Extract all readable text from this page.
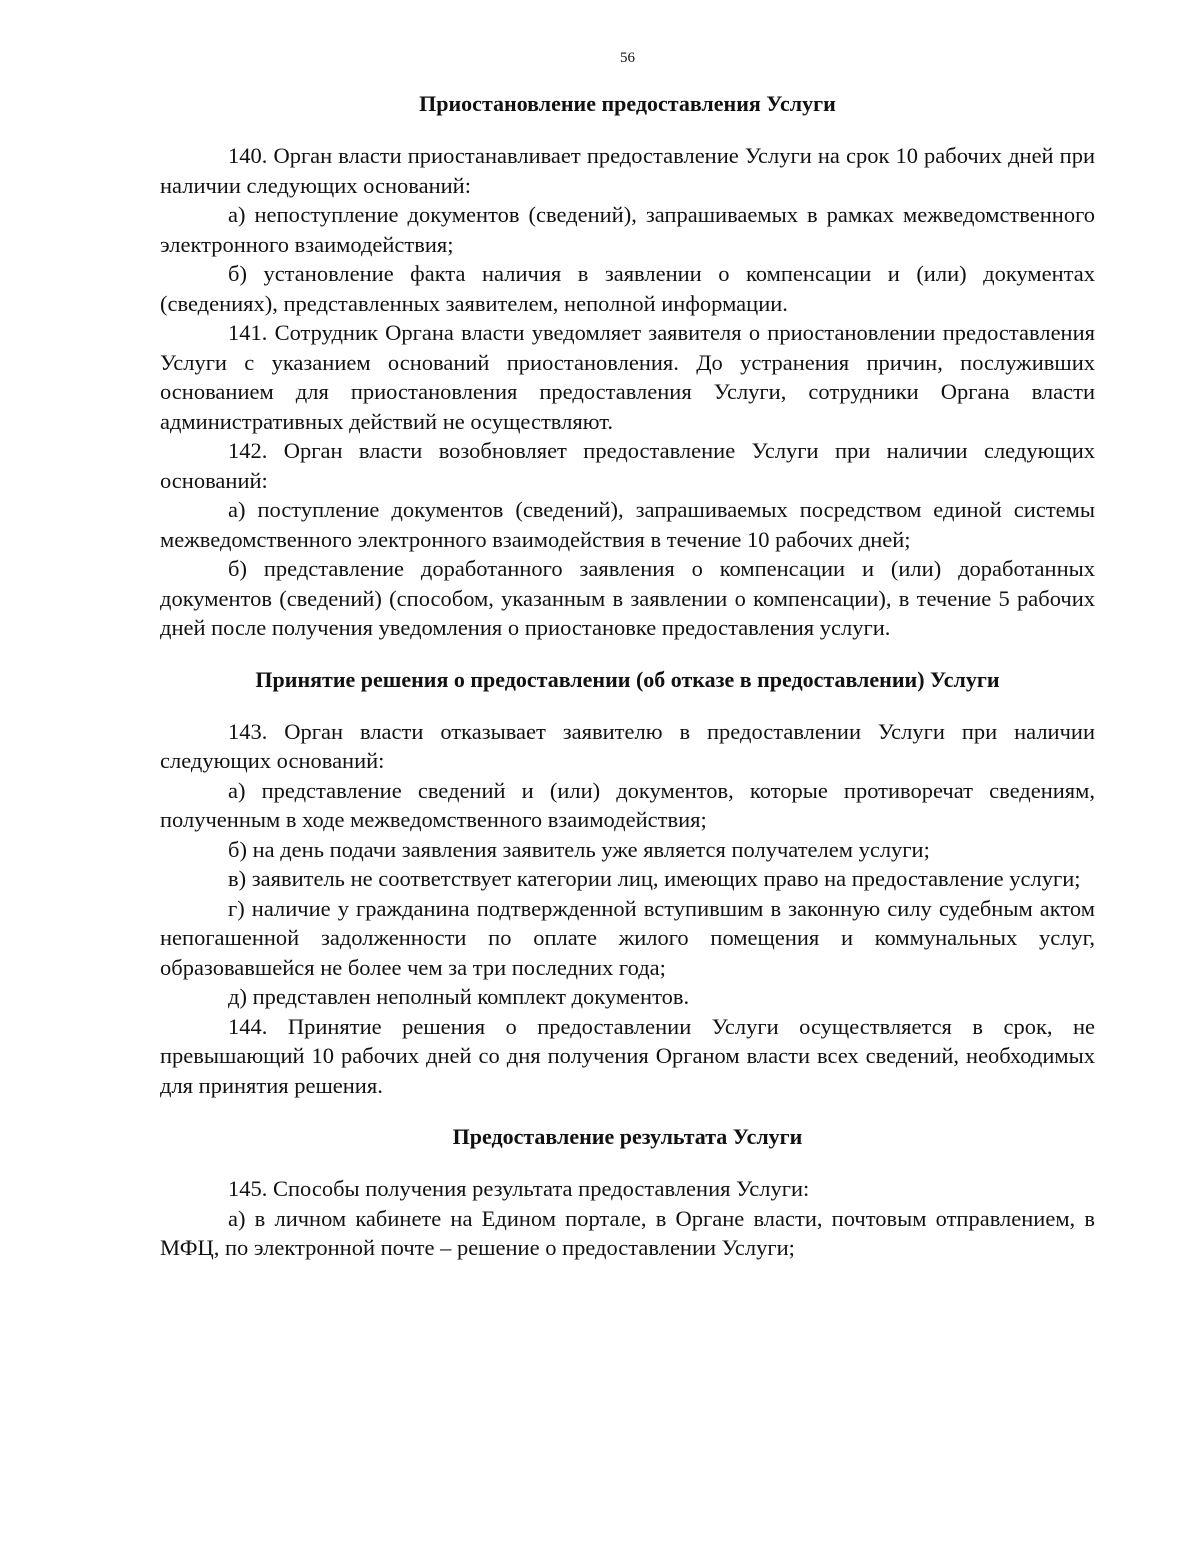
56
Приостановление предоставления Услуги

140. Орган власти приостанавливает предоставление Услуги на срок 10 рабочих дней при наличии следующих оснований:

а) непоступление документов (сведений), запрашиваемых в рамках межведомственного электронного взаимодействия;

б) установление факта наличия в заявлении о компенсации и (или) документах (сведениях), представленных заявителем, неполной информации.

141. Сотрудник Органа власти уведомляет заявителя о приостановлении предоставления Услуги с указанием оснований приостановления. До устранения причин, послуживших основанием для приостановления предоставления Услуги, сотрудники Органа власти административных действий не осуществляют.

142. Орган власти возобновляет предоставление Услуги при наличии следующих оснований:

а) поступление документов (сведений), запрашиваемых посредством единой системы межведомственного электронного взаимодействия в течение 10 рабочих дней;

б) представление доработанного заявления о компенсации и (или) доработанных документов (сведений) (способом, указанным в заявлении о компенсации), в течение 5 рабочих дней после получения уведомления о приостановке предоставления услуги.

Принятие решения о предоставлении (об отказе в предоставлении) Услуги

143. Орган власти отказывает заявителю в предоставлении Услуги при наличии следующих оснований:

а) представление сведений и (или) документов, которые противоречат сведениям, полученным в ходе межведомственного взаимодействия;

б) на день подачи заявления заявитель уже является получателем услуги;

в) заявитель не соответствует категории лиц, имеющих право на предоставление услуги;

г) наличие у гражданина подтвержденной вступившим в законную силу судебным актом непогашенной задолженности по оплате жилого помещения и коммунальных услуг, образовавшейся не более чем за три последних года;

д) представлен неполный комплект документов.

144. Принятие решения о предоставлении Услуги осуществляется в срок, не превышающий 10 рабочих дней со дня получения Органом власти всех сведений, необходимых для принятия решения.

Предоставление результата Услуги

145. Способы получения результата предоставления Услуги:

а) в личном кабинете на Едином портале, в Органе власти, почтовым отправлением, в МФЦ, по электронной почте – решение о предоставлении Услуги;
